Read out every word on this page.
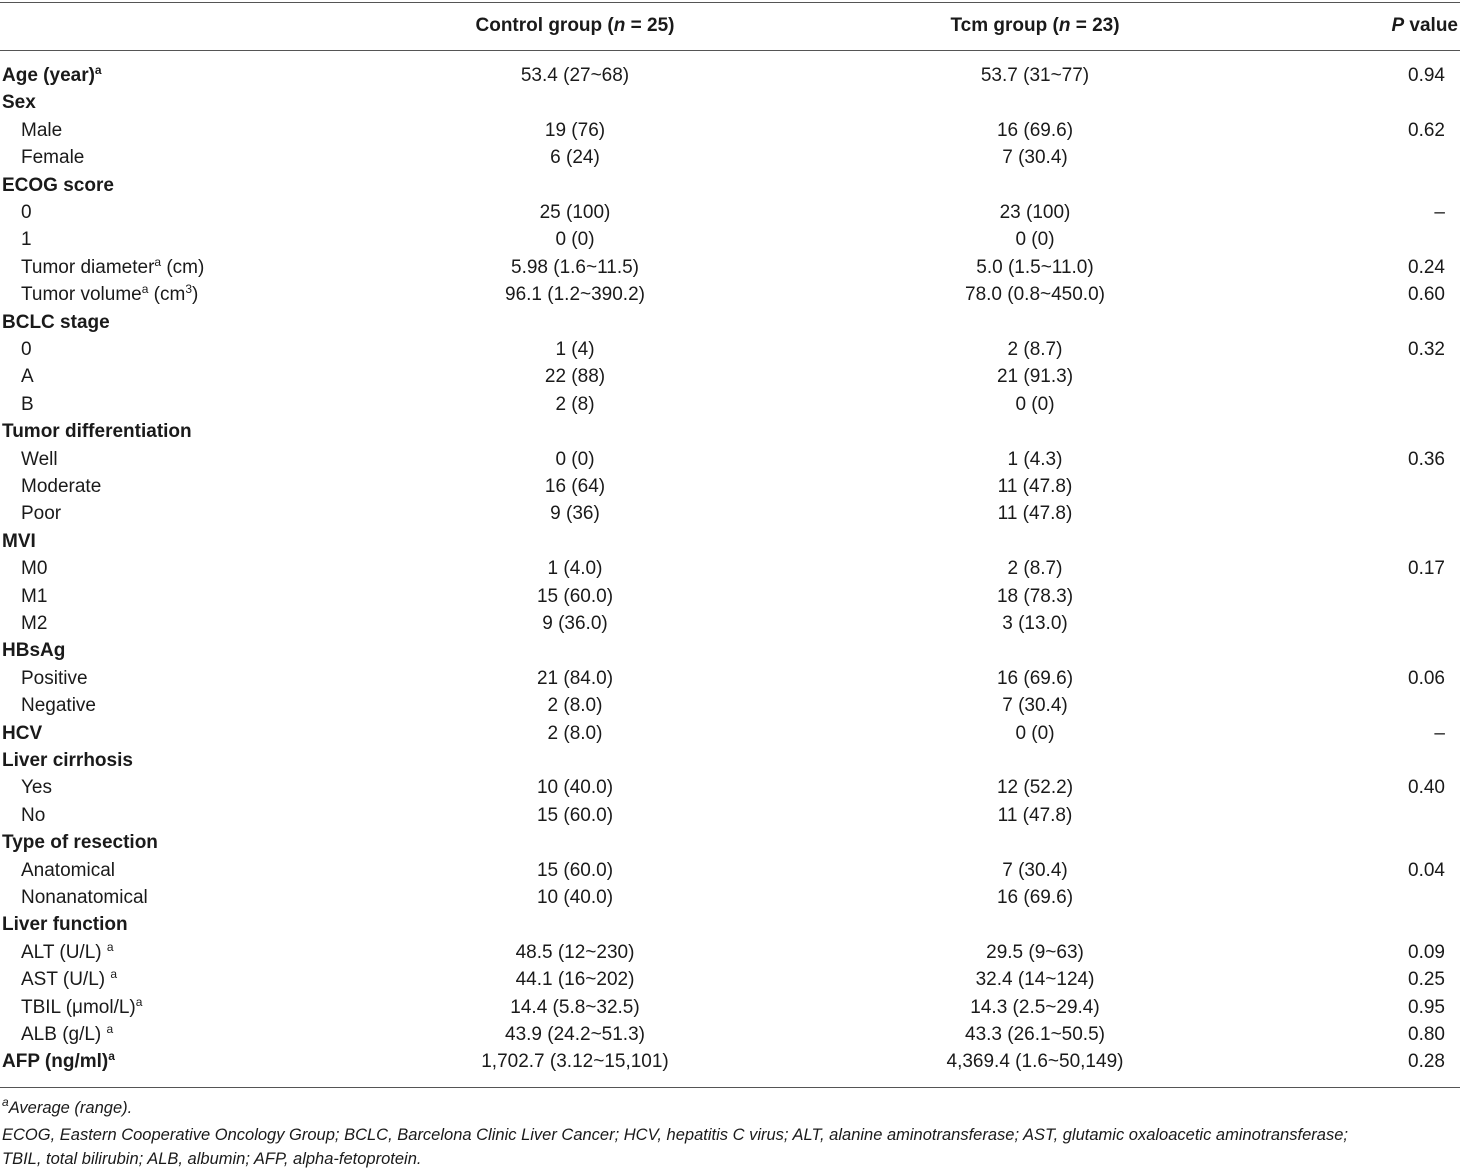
Control group (n = 25)	Tcm group (n = 23)	P value
Age (year)$^a$	53.4 (27~68)	53.7 (31~77)	0.94
Sex
Male	19 (76)	16 (69.6)	0.62
Female	6 (24)	7 (30.4)
ECOG score
0	25 (100)	23 (100)	–
1	0 (0)	0 (0)
Tumor diameter$^a$ (cm)	5.98 (1.6~11.5)	5.0 (1.5~11.0)	0.24
Tumor volume$^a$ $(cm^3)$	96.1 (1.2~390.2)	78.0 (0.8~450.0)	0.60
BCLC stage
0	1 (4)	2 (8.7)	0.32
A	22 (88)	21 (91.3)
B	2 (8)	0 (0)
Tumor differentiation
Well	0 (0)	1 (4.3)	0.36
Moderate	16 (64)	11 (47.8)
Poor	9 (36)	11 (47.8)
MVI
M0	1 (4.0)	2 (8.7)	0.17
M1	15 (60.0)	18 (78.3)
M2	9 (36.0)	3 (13.0)
HBsAg
Positive	21 (84.0)	16 (69.6)	0.06
Negative	2 (8.0)	7 (30.4)
HCV	2 (8.0)	0 (0)	–
Liver cirrhosis
Yes	10 (40.0)	12 (52.2)	0.40
No	15 (60.0)	11 (47.8)
Type of resection
Anatomical	15 (60.0)	7 (30.4)	0.04
Nonanatomical	10 (40.0)	16 (69.6)
Liver function
ALT (U/L) $^a$	48.5 (12~230)	29.5 (9~63)	0.09
AST (U/L) $^a$	44.1 (16~202)	32.4 (14~124)	0.25
TBIL $(\mu mol/L)^a$	14.4 (5.8~32.5)	14.3 (2.5~29.4)	0.95
ALB (g/L) $^a$	43.9 (24.2~51.3)	43.3 (26.1~50.5)	0.80
AFP $(ng/ml)^a$	1,702.7 (3.12~15,101)	4,369.4 (1.6~50,149)	0.28
$^a$Average (range).
ECOG, Eastern Cooperative Oncology Group; BCLC, Barcelona Clinic Liver Cancer; HCV, hepatitis C virus; ALT, alanine aminotransferase; AST, glutamic oxaloacetic aminotransferase;
TBIL, total bilirubin; ALB, albumin; AFP, alpha-fetoprotein.
